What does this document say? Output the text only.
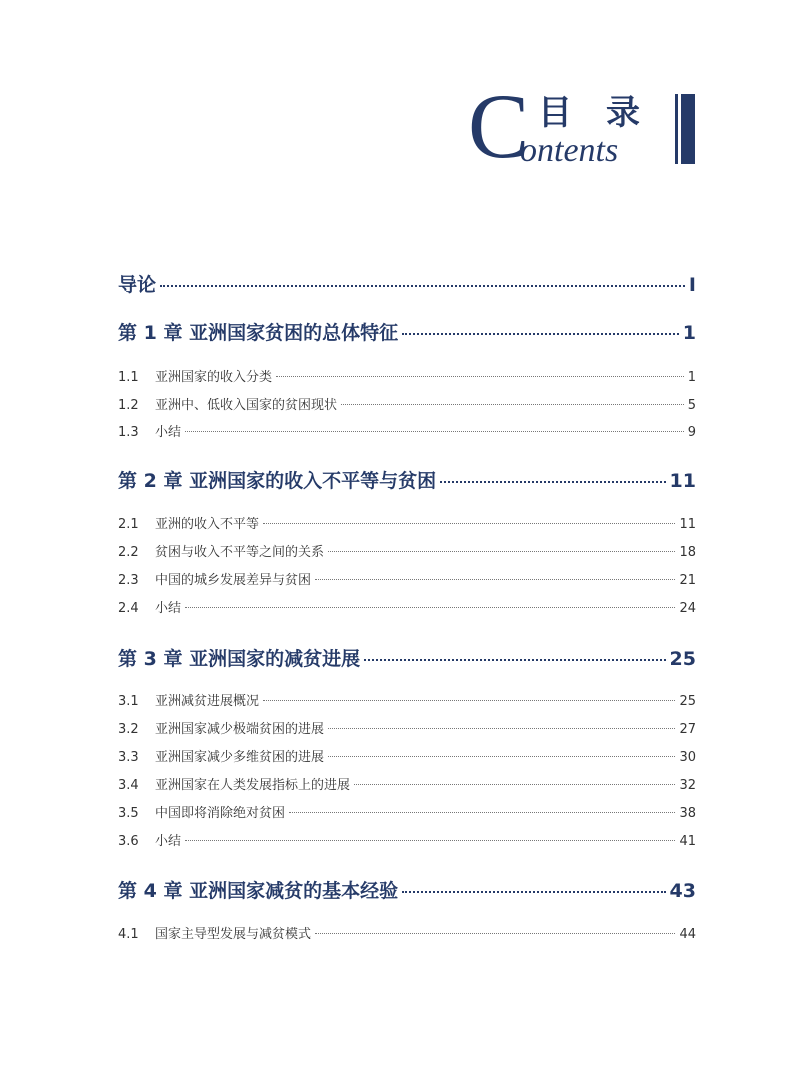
C 目录
ontents
导论	I
第 1 章 亚洲国家贫困的总体特征	1
1.1	亚洲国家的收入分类	1
1.2	亚洲中、低收入国家的贫困现状	5
1.3	小结	9
第 2 章 亚洲国家的收入不平等与贫困	11
2.1	亚洲的收入不平等	11
2.2	贫困与收入不平等之间的关系	18
2.3	中国的城乡发展差异与贫困	21
2.4	小结	24
第 3 章 亚洲国家的减贫进展	25
3.1	亚洲减贫进展概况	25
3.2	亚洲国家减少极端贫困的进展	27
3.3	亚洲国家减少多维贫困的进展	30
3.4	亚洲国家在人类发展指标上的进展	32
3.5	中国即将消除绝对贫困	38
3.6	小结	41
第 4 章 亚洲国家减贫的基本经验	43
4.1	国家主导型发展与减贫模式	44
